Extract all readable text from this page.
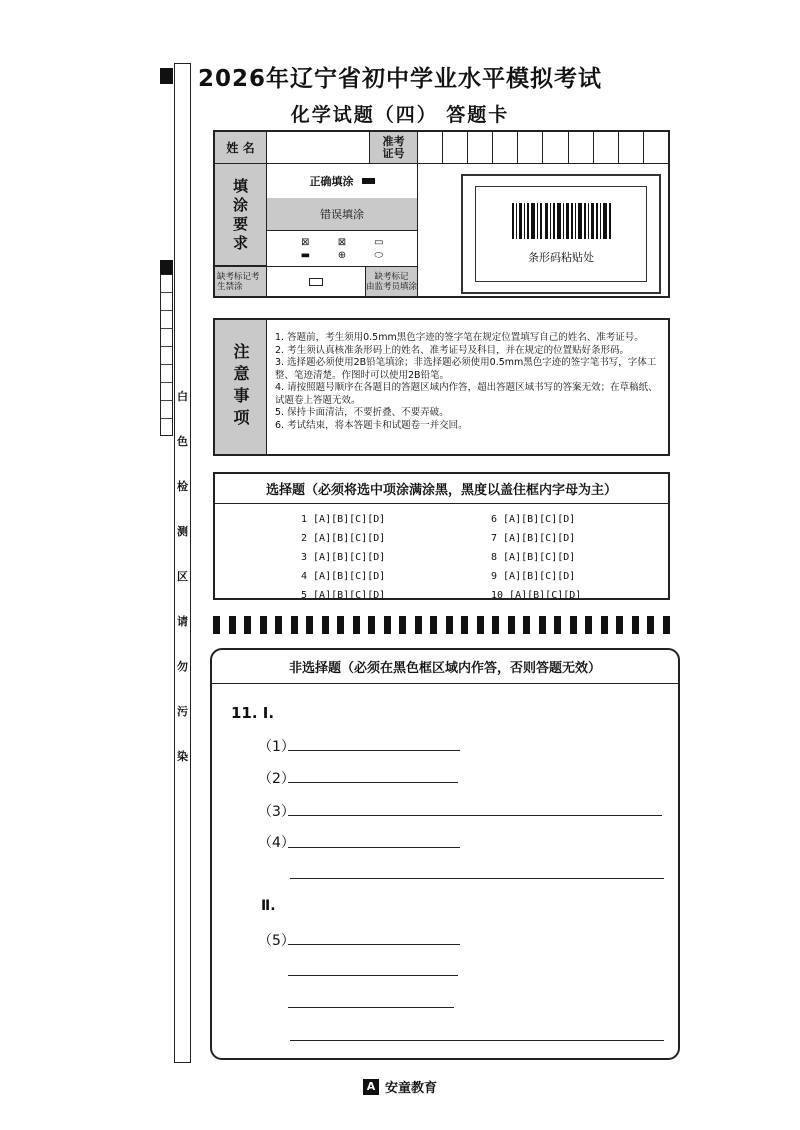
2026年辽宁省初中学业水平模拟考试
化学试题（四） 答题卡
白
色
检
测
区
请
勿
污
染
姓 名	准考
证号
填
涂
要
求
正确填涂
错误填涂
⊠	⊠	▭
▬	⊕	⬭
缺考标记考
生禁涂
缺考标记
由监考员填涂
条形码粘贴处
注意事项
1. 答题前，考生须用0.5mm黑色字迹的签字笔在规定位置填写自己的姓名、准考证号。
2. 考生须认真核准条形码上的姓名、准考证号及科目，并在规定的位置贴好条形码。
3. 选择题必须使用2B铅笔填涂；非选择题必须使用0.5mm黑色字迹的签字笔书写，字体工整、笔迹清楚。作图时可以使用2B铅笔。
4. 请按照题号顺序在各题目的答题区域内作答，超出答题区域书写的答案无效；在草稿纸、试题卷上答题无效。
5. 保持卡面清洁，不要折叠、不要弄破。
6. 考试结束，将本答题卡和试题卷一并交回。
选择题（必须将选中项涂满涂黑，黑度以盖住框内字母为主）
1 [A][B][C][D]
2 [A][B][C][D]
3 [A][B][C][D]
4 [A][B][C][D]
5 [A][B][C][D]
6 [A][B][C][D]
7 [A][B][C][D]
8 [A][B][C][D]
9 [A][B][C][D]
10 [A][B][C][D]
非选择题（必须在黑色框区域内作答，否则答题无效）
11. Ⅰ.
（1）
（2）
（3）
（4）
Ⅱ.
（5）
A 安童教育
